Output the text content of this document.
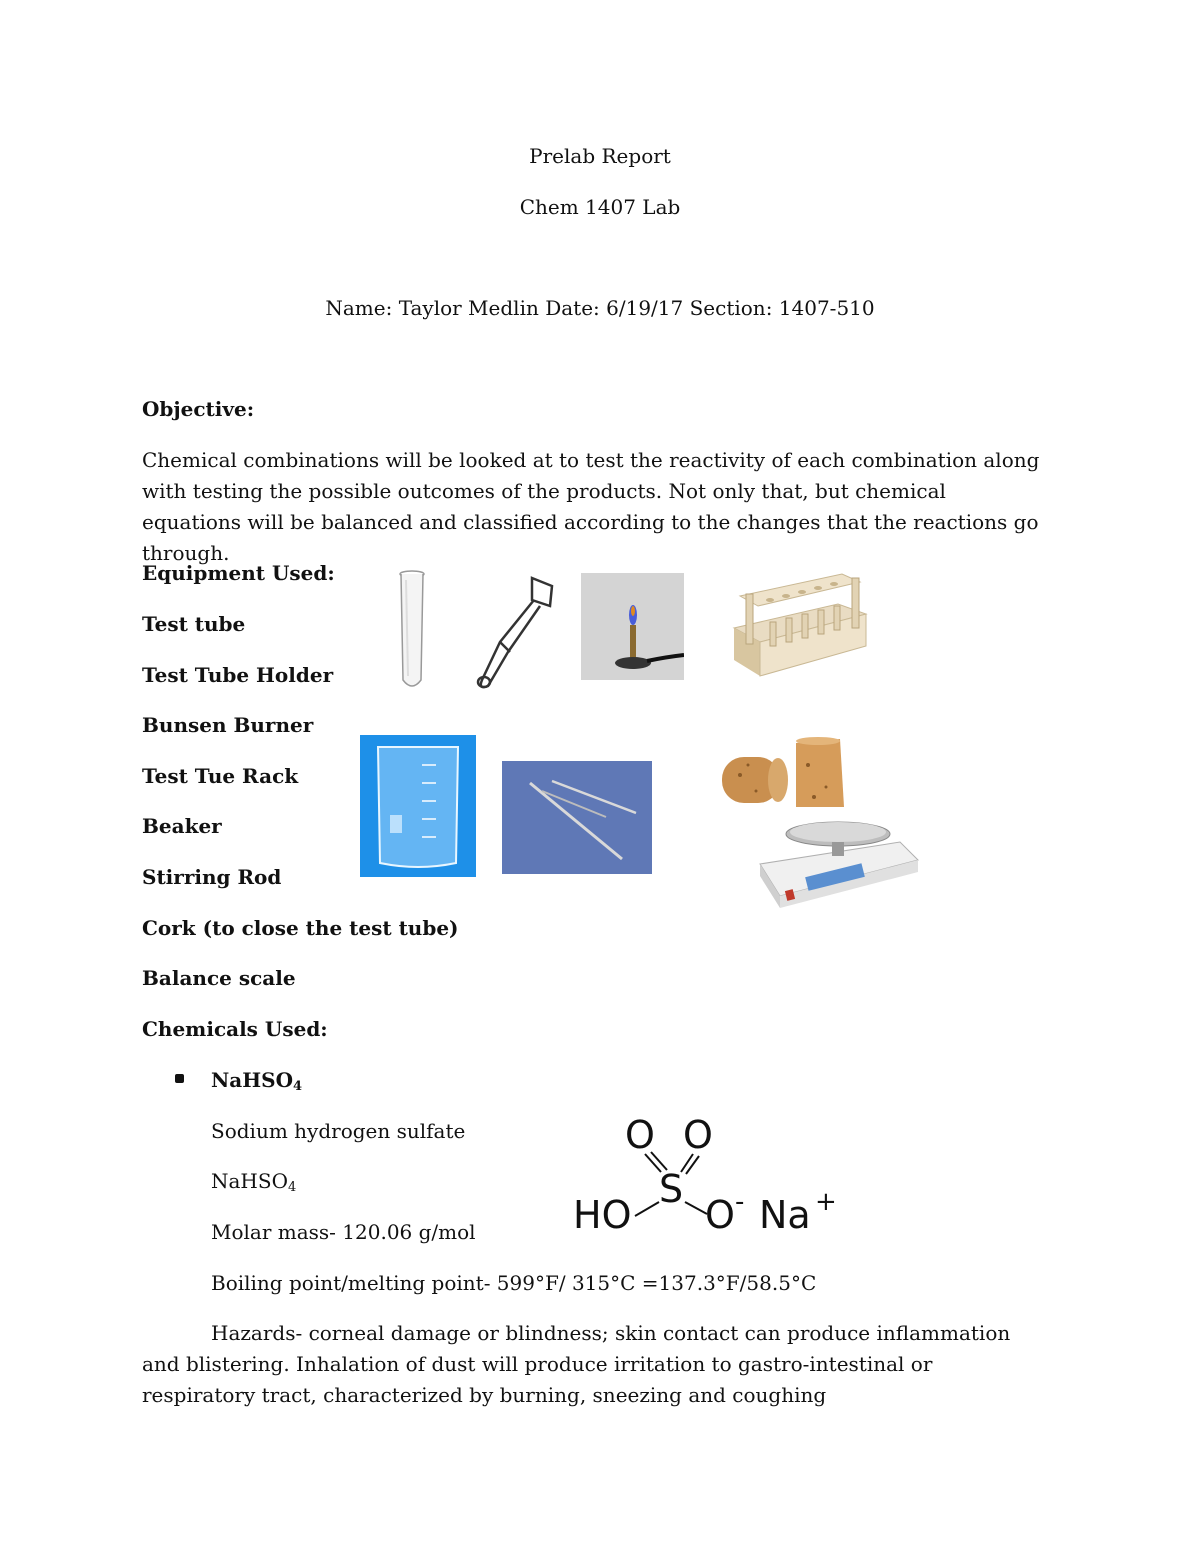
Prelab Report
Chem 1407 Lab
Name: Taylor Medlin Date: 6/19/17 Section: 1407-510
Objective:
Chemical combinations will be looked at to test the reactivity of each combination along with testing the possible outcomes of the products. Not only that, but chemical equations will be balanced and classified according to the changes that the reactions go through.
Equipment Used:
Test tube
Test Tube Holder
Bunsen Burner
Test Tue Rack
Beaker
Stirring Rod
Cork (to close the test tube)
Balance scale
Chemicals Used:
NaHSO$_4$
Sodium hydrogen sulfate
NaHSO$_4$
Molar mass- 120.06 g/mol
Boiling point/melting point- 599°F/ 315°C =137.3°F/58.5°C
Hazards- corneal damage or blindness; skin contact can produce inflammation and blistering. Inhalation of dust will produce irritation to gastro-intestinal or respiratory tract, characterized by burning, sneezing and coughing
O O
S
HO O - Na +
